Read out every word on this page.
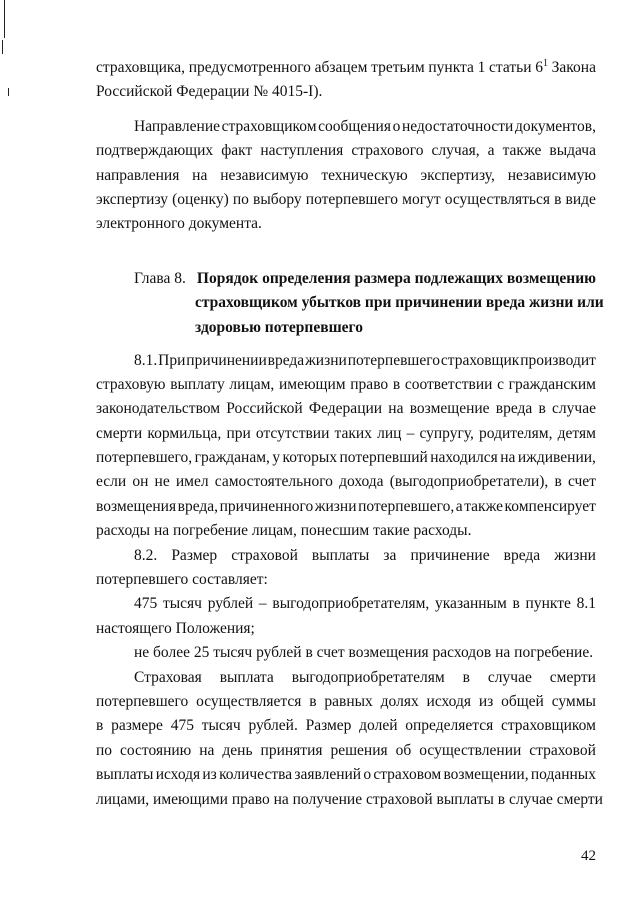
страховщика, предусмотренного абзацем третьим пункта 1 статьи $6^1$ Закона
Российской Федерации № 4015-I).
Направление страховщиком сообщения о недостаточности документов,
подтверждающих факт наступления страхового случая, а также выдача
направления на независимую техническую экспертизу, независимую
экспертизу (оценку) по выбору потерпевшего могут осуществляться в виде
электронного документа.
Глава 8. Порядок определения размера подлежащих возмещению
страховщиком убытков при причинении вреда жизни или
здоровью потерпевшего
8.1. При причинении вреда жизни потерпевшего страховщик производит
страховую выплату лицам, имеющим право в соответствии с гражданским
законодательством Российской Федерации на возмещение вреда в случае
смерти кормильца, при отсутствии таких лиц – супругу, родителям, детям
потерпевшего, гражданам, у которых потерпевший находился на иждивении,
если он не имел самостоятельного дохода (выгодоприобретатели), в счет
возмещения вреда, причиненного жизни потерпевшего, а также компенсирует
расходы на погребение лицам, понесшим такие расходы.
8.2. Размер страховой выплаты за причинение вреда жизни
потерпевшего составляет:
475 тысяч рублей – выгодоприобретателям, указанным в пункте 8.1
настоящего Положения;
не более 25 тысяч рублей в счет возмещения расходов на погребение.
Страховая выплата выгодоприобретателям в случае смерти
потерпевшего осуществляется в равных долях исходя из общей суммы
в размере 475 тысяч рублей. Размер долей определяется страховщиком
по состоянию на день принятия решения об осуществлении страховой
выплаты исходя из количества заявлений о страховом возмещении, поданных
лицами, имеющими право на получение страховой выплаты в случае смерти
42
